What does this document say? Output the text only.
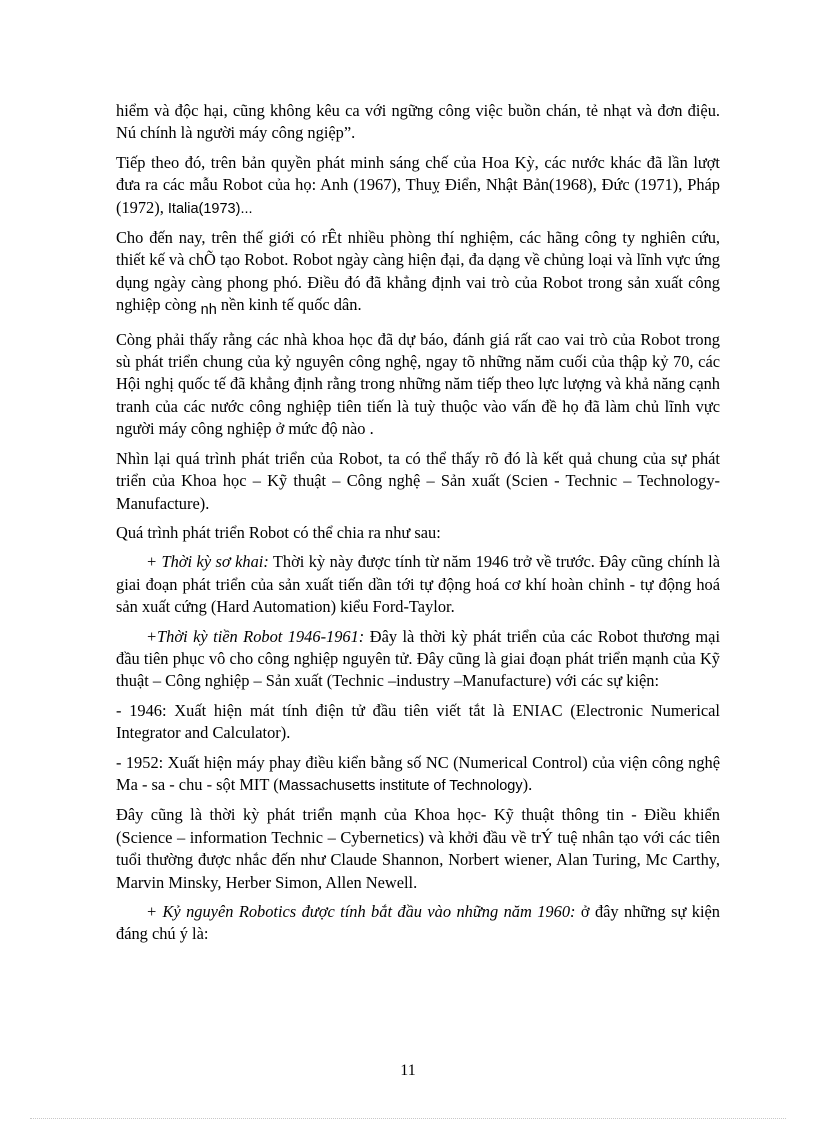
hiểm và độc hại, cũng không kêu ca với ngững công việc buồn chán, tẻ nhạt và đơn điệu. Nú chính là người máy công ngiệp”.

Tiếp theo đó, trên bản quyền phát minh sáng chế của Hoa Kỳ, các nước khác đã lần lượt đưa ra các mẫu Robot của họ: Anh (1967), Thuỵ Điển, Nhật Bản(1968), Đức (1971), Pháp (1972), Italia(1973)...

Cho đến nay, trên thế giới có rÊt nhiều phòng thí nghiệm, các hãng công ty nghiên cứu, thiết kế và chÕ tạo Robot. Robot ngày càng hiện đại, đa dạng về chủng loại và lĩnh vực ứng dụng ngày càng phong phó. Điều đó đã khẳng định vai trò của Robot trong sản xuất công nghiệp còng nh nền kinh tế quốc dân.

Còng phải thấy rằng các nhà khoa học đã dự báo, đánh giá rất cao vai trò của Robot trong sù phát triển chung của kỷ nguyên công nghệ, ngay tõ những năm cuối của thập kỷ 70, các Hội nghị quốc tế đã khẳng định rằng trong những năm tiếp theo lực lượng và khả năng cạnh tranh của các nước công nghiệp tiên tiến là tuỳ thuộc vào vấn đề họ đã làm chủ lĩnh vực người máy công nghiệp ở mức độ nào .

Nhìn lại quá trình phát triển của Robot, ta có thể thấy rõ đó là kết quả chung của sự phát triển của Khoa học – Kỹ thuật – Công nghệ – Sản xuất (Scien - Technic – Technology-Manufacture).

Quá trình phát triển Robot có thể chia ra như sau:

+ Thời kỳ sơ khai: Thời kỳ này được tính từ năm 1946 trở về trước. Đây cũng chính là giai đoạn phát triển của sản xuất tiến dần tới tự động hoá cơ khí hoàn chỉnh - tự động hoá sản xuất cứng (Hard Automation) kiểu Ford-Taylor.

+Thời kỳ tiền Robot 1946-1961: Đây là thời kỳ phát triển của các Robot thương mại đầu tiên phục vô cho công nghiệp nguyên tử. Đây cũng là giai đoạn phát triển mạnh của Kỹ thuật – Công nghiệp – Sản xuất (Technic –industry –Manufacture) với các sự kiện:

- 1946: Xuất hiện mát tính điện tử đầu tiên viết tắt là ENIAC (Electronic Numerical Integrator and Calculator).

- 1952: Xuất hiện máy phay điều kiển bằng số NC (Numerical Control) của viện công nghệ Ma - sa - chu - sột MIT (Massachusetts institute of Technology).

Đây cũng là thời kỳ phát triển mạnh của Khoa học- Kỹ thuật thông tin - Điều khiển (Science – information Technic – Cybernetics) và khởi đầu về trÝ tuệ nhân tạo với các tiên tuổi thường được nhắc đến như Claude Shannon, Norbert wiener, Alan Turing, Mc Carthy, Marvin Minsky, Herber Simon, Allen Newell.

+ Kỷ nguyên Robotics được tính bắt đầu vào những năm 1960: ở đây những sự kiện đáng chú ý là:

11
